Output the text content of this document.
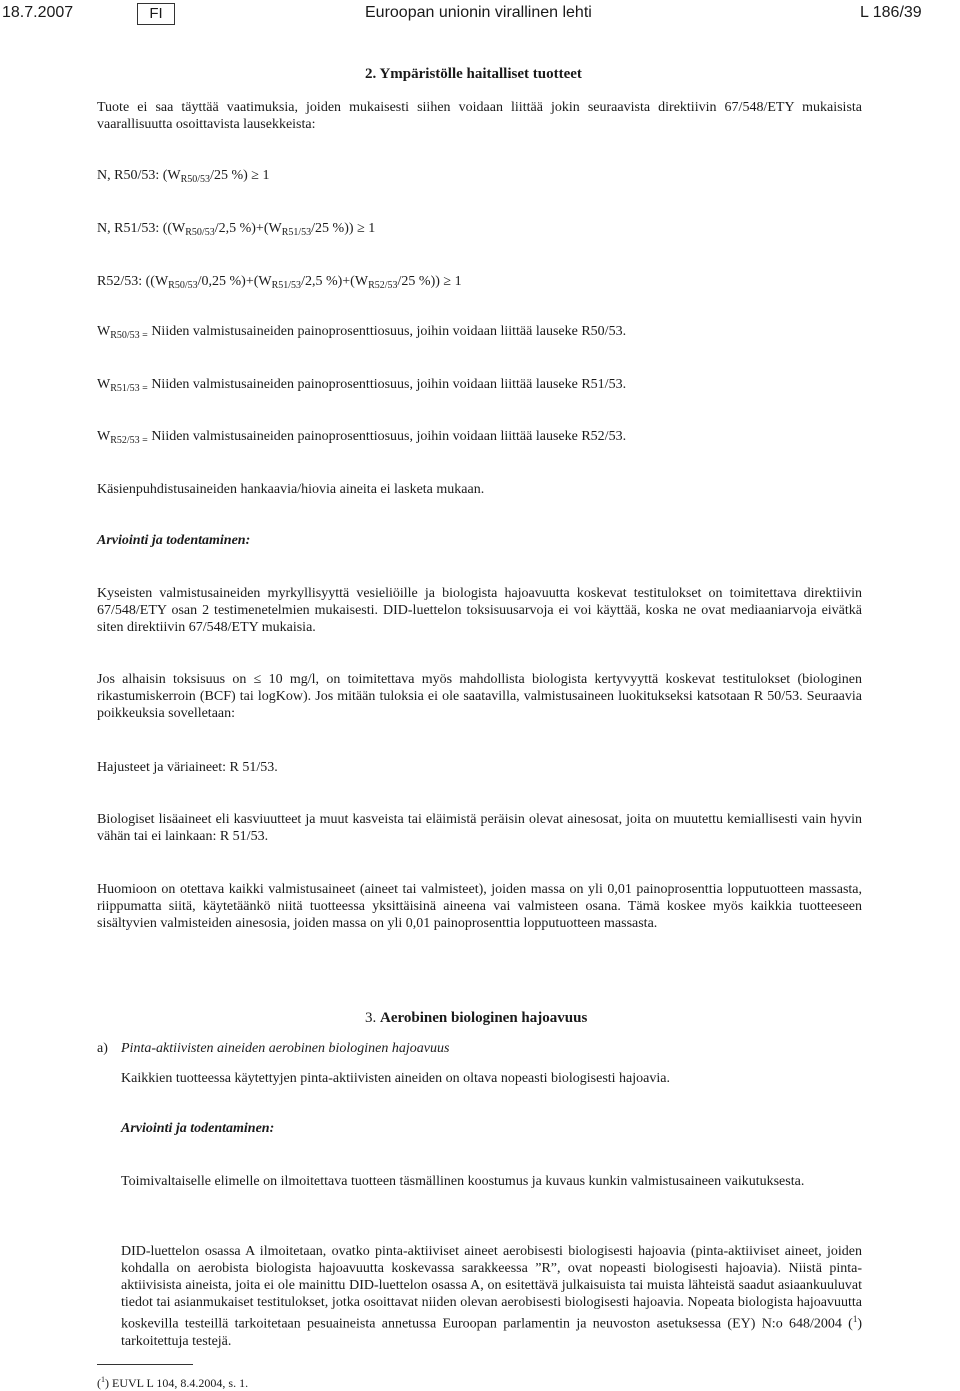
18.7.2007	FI	Euroopan unionin virallinen lehti	L 186/39
2. Ympäristölle haitalliset tuotteet

Tuote ei saa täyttää vaatimuksia, joiden mukaisesti siihen voidaan liittää jokin seuraavista direktiivin 67/548/ETY mukaisista vaarallisuutta osoittavista lausekkeista:

N, R50/53: ($W_{R50/53}/25$ %) ≥ 1
N, R51/53: (($W_{R50/53}/2,5$ $\%)+(W_{R51/53}/25$ %)) ≥ 1
R52/53: (($W_{R50/53}/0,25$ $\%)+(W_{R51/53}/2,5$ $\%)+(W_{R52/53}/25$ %)) ≥ 1
$W_{R50/53 =}$ Niiden valmistusaineiden painoprosenttiosuus, joihin voidaan liittää lauseke R50/53.
$W_{R51/53 =}$ Niiden valmistusaineiden painoprosenttiosuus, joihin voidaan liittää lauseke R51/53.
$W_{R52/53 =}$ Niiden valmistusaineiden painoprosenttiosuus, joihin voidaan liittää lauseke R52/53.
Käsienpuhdistusaineiden hankaavia/hiovia aineita ei lasketa mukaan.
Arviointi ja todentaminen:

Kyseisten valmistusaineiden myrkyllisyyttä vesieliöille ja biologista hajoavuutta koskevat testitulokset on toimitettava direktiivin 67/548/ETY osan 2 testimenetelmien mukaisesti. DID-luettelon toksisuusarvoja ei voi käyttää, koska ne ovat mediaaniarvoja eivätkä siten direktiivin 67/548/ETY mukaisia.

Jos alhaisin toksisuus on ≤ 10 mg/l, on toimitettava myös mahdollista biologista kertyvyyttä koskevat testitulokset (biologinen rikastumiskerroin (BCF) tai logKow). Jos mitään tuloksia ei ole saatavilla, valmistusaineen luokitukseksi katsotaan R 50/53. Seuraavia poikkeuksia sovelletaan:

Hajusteet ja väriaineet: R 51/53.

Biologiset lisäaineet eli kasviuutteet ja muut kasveista tai eläimistä peräisin olevat ainesosat, joita on muutettu kemiallisesti vain hyvin vähän tai ei lainkaan: R 51/53.

Huomioon on otettava kaikki valmistusaineet (aineet tai valmisteet), joiden massa on yli 0,01 painoprosenttia lopputuotteen massasta, riippumatta siitä, käytetäänkö niitä tuotteessa yksittäisinä aineena vai valmisteen osana. Tämä koskee myös kaikkia tuotteeseen sisältyvien valmisteiden ainesosia, joiden massa on yli 0,01 painoprosenttia lopputuotteen massasta.

3. Aerobinen biologinen hajoavuus
a) Pinta-aktiivisten aineiden aerobinen biologinen hajoavuus
Kaikkien tuotteessa käytettyjen pinta-aktiivisten aineiden on oltava nopeasti biologisesti hajoavia.
Arviointi ja todentaminen:

Toimivaltaiselle elimelle on ilmoitettava tuotteen täsmällinen koostumus ja kuvaus kunkin valmistusaineen vaikutuksesta.

DID-luettelon osassa A ilmoitetaan, ovatko pinta-aktiiviset aineet aerobisesti biologisesti hajoavia (pinta-aktiiviset aineet, joiden kohdalla on aerobista biologista hajoavuutta koskevassa sarakkeessa ”R”, ovat nopeasti biologisesti hajoavia). Niistä pinta-aktiivisista aineista, joita ei ole mainittu DID-luettelon osassa A, on esitettävä julkaisuista tai muista lähteistä saadut asiaankuuluvat tiedot tai asianmukaiset testitulokset, jotka osoittavat niiden olevan aerobisesti biologisesti hajoavia. Nopeata biologista hajoavuutta koskevilla testeillä tarkoitetaan pesuaineista annetussa Euroopan parlamentin ja neuvoston asetuksessa (EY) N:o 648/2004 ($^1$) tarkoitettuja testejä.

($^1$) EUVL L 104, 8.4.2004, s. 1.
